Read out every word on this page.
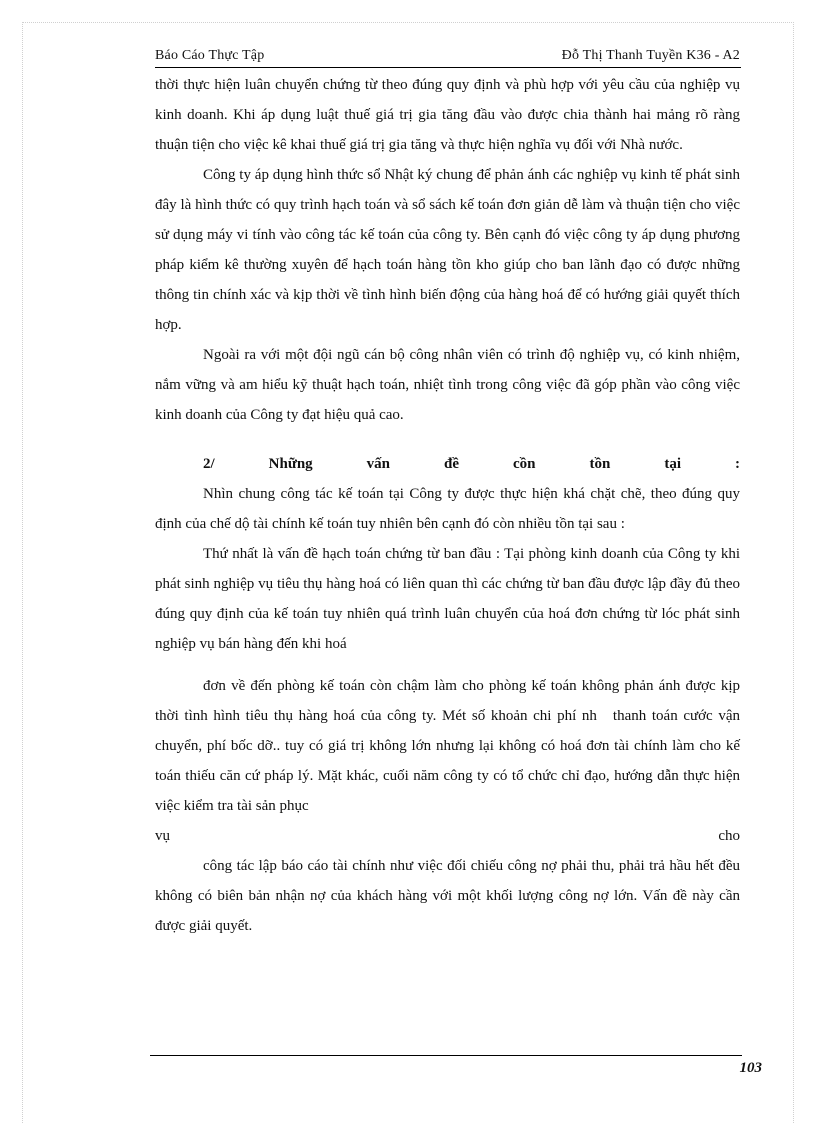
Báo Cáo Thực Tập	Đỗ Thị Thanh Tuyền K36 - A2

thời thực hiện luân chuyển chứng từ theo đúng quy định và phù hợp với yêu cầu của nghiệp vụ kinh doanh. Khi áp dụng luật thuế giá trị gia tăng đầu vào được chia thành hai mảng rõ ràng thuận tiện cho việc kê khai thuế giá trị gia tăng và thực hiện nghĩa vụ đối với Nhà nước.

Công ty áp dụng hình thức sổ Nhật ký chung để phản ánh các nghiệp vụ kinh tế phát sinh đây là hình thức có quy trình hạch toán và sổ sách kế toán đơn giản dễ làm và thuận tiện cho việc sử dụng máy vi tính vào công tác kế toán của công ty. Bên cạnh đó việc công ty áp dụng phương pháp kiểm kê thường xuyên để hạch toán hàng tồn kho giúp cho ban lãnh đạo có được những thông tin chính xác và kịp thời về tình hình biến động của hàng hoá để có hướng giải quyết thích hợp.

Ngoài ra với một đội ngũ cán bộ công nhân viên có trình độ nghiệp vụ, có kinh nhiệm, nắm vững và am hiểu kỹ thuật hạch toán, nhiệt tình trong công việc đã góp phần vào công việc kinh doanh của Công ty đạt hiệu quả cao.

2/ Những vấn đề cồn tồn tại :

Nhìn chung công tác kế toán tại Công ty được thực hiện khá chặt chẽ, theo đúng quy định của chế dộ tài chính kế toán tuy nhiên bên cạnh đó còn nhiều tồn tại sau :

Thứ nhất là vấn đề hạch toán chứng từ ban đầu : Tại phòng kinh doanh của Công ty khi phát sinh nghiệp vụ tiêu thụ hàng hoá có liên quan thì các chứng từ ban đầu được lập đầy đủ theo đúng quy định của kế toán tuy nhiên quá trình luân chuyển của hoá đơn chứng từ lóc phát sinh nghiệp vụ bán hàng đến khi hoá

đơn về đến phòng kế toán còn chậm làm cho phòng kế toán không phản ánh được kịp thời tình hình tiêu thụ hàng hoá của công ty. Mét số khoản chi phí nh thanh toán cước vận chuyển, phí bốc dỡ.. tuy có giá trị không lớn nhưng lại không có hoá đơn tài chính làm cho kế toán thiếu căn cứ pháp lý. Mặt khác, cuối năm công ty có tổ chức chỉ đạo, hướng dẫn thực hiện việc kiểm tra tài sản phục

vụ	cho

công tác lập báo cáo tài chính như việc đối chiếu công nợ phải thu, phải trả hầu hết đều không có biên bản nhận nợ của khách hàng với một khối lượng công nợ lớn. Vấn đề này cần được giải quyết.

103
